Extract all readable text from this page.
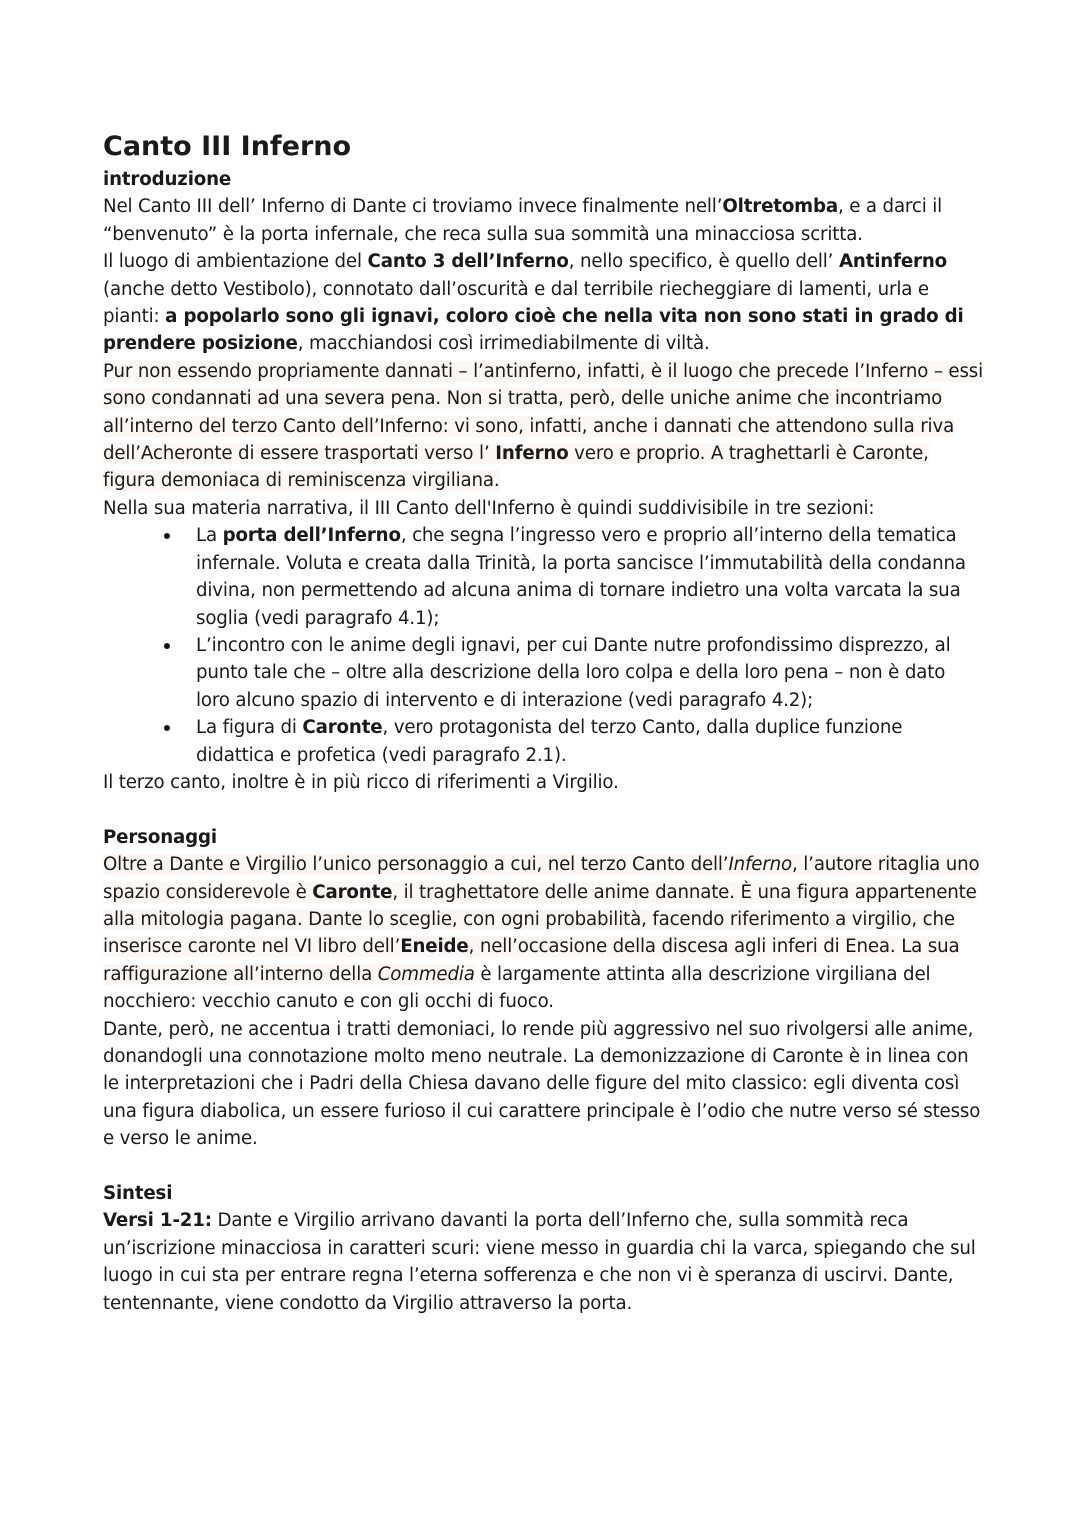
Canto III Inferno

introduzione

Nel Canto III dell’ Inferno di Dante ci troviamo invece finalmente nell’Oltretomba, e a darci il “benvenuto” è la porta infernale, che reca sulla sua sommità una minacciosa scritta.

Il luogo di ambientazione del Canto 3 dell’Inferno, nello specifico, è quello dell’ Antinferno (anche detto Vestibolo), connotato dall’oscurità e dal terribile riecheggiare di lamenti, urla e pianti: a popolarlo sono gli ignavi, coloro cioè che nella vita non sono stati in grado di prendere posizione, macchiandosi così irrimediabilmente di viltà.

Pur non essendo propriamente dannati – l’antinferno, infatti, è il luogo che precede l’Inferno – essi sono condannati ad una severa pena. Non si tratta, però, delle uniche anime che incontriamo all’interno del terzo Canto dell’Inferno: vi sono, infatti, anche i dannati che attendono sulla riva dell’Acheronte di essere trasportati verso l’ Inferno vero e proprio. A traghettarli è Caronte, figura demoniaca di reminiscenza virgiliana.

Nella sua materia narrativa, il III Canto dell'Inferno è quindi suddivisibile in tre sezioni:

La porta dell’Inferno, che segna l’ingresso vero e proprio all’interno della tematica infernale. Voluta e creata dalla Trinità, la porta sancisce l’immutabilità della condanna divina, non permettendo ad alcuna anima di tornare indietro una volta varcata la sua soglia (vedi paragrafo 4.1);
L’incontro con le anime degli ignavi, per cui Dante nutre profondissimo disprezzo, al punto tale che – oltre alla descrizione della loro colpa e della loro pena – non è dato loro alcuno spazio di intervento e di interazione (vedi paragrafo 4.2);
La figura di Caronte, vero protagonista del terzo Canto, dalla duplice funzione didattica e profetica (vedi paragrafo 2.1).

Il terzo canto, inoltre è in più ricco di riferimenti a Virgilio.

Personaggi

Oltre a Dante e Virgilio l’unico personaggio a cui, nel terzo Canto dell’Inferno, l’autore ritaglia uno spazio considerevole è Caronte, il traghettatore delle anime dannate. È una figura appartenente alla mitologia pagana. Dante lo sceglie, con ogni probabilità, facendo riferimento a virgilio, che inserisce caronte nel VI libro dell’Eneide, nell’occasione della discesa agli inferi di Enea. La sua raffigurazione all’interno della Commedia è largamente attinta alla descrizione virgiliana del nocchiero: vecchio canuto e con gli occhi di fuoco.

Dante, però, ne accentua i tratti demoniaci, lo rende più aggressivo nel suo rivolgersi alle anime, donandogli una connotazione molto meno neutrale. La demonizzazione di Caronte è in linea con le interpretazioni che i Padri della Chiesa davano delle figure del mito classico: egli diventa così una figura diabolica, un essere furioso il cui carattere principale è l’odio che nutre verso sé stesso e verso le anime.

Sintesi

Versi 1-21: Dante e Virgilio arrivano davanti la porta dell’Inferno che, sulla sommità reca un’iscrizione minacciosa in caratteri scuri: viene messo in guardia chi la varca, spiegando che sul luogo in cui sta per entrare regna l’eterna sofferenza e che non vi è speranza di uscirvi. Dante, tentennante, viene condotto da Virgilio attraverso la porta.
